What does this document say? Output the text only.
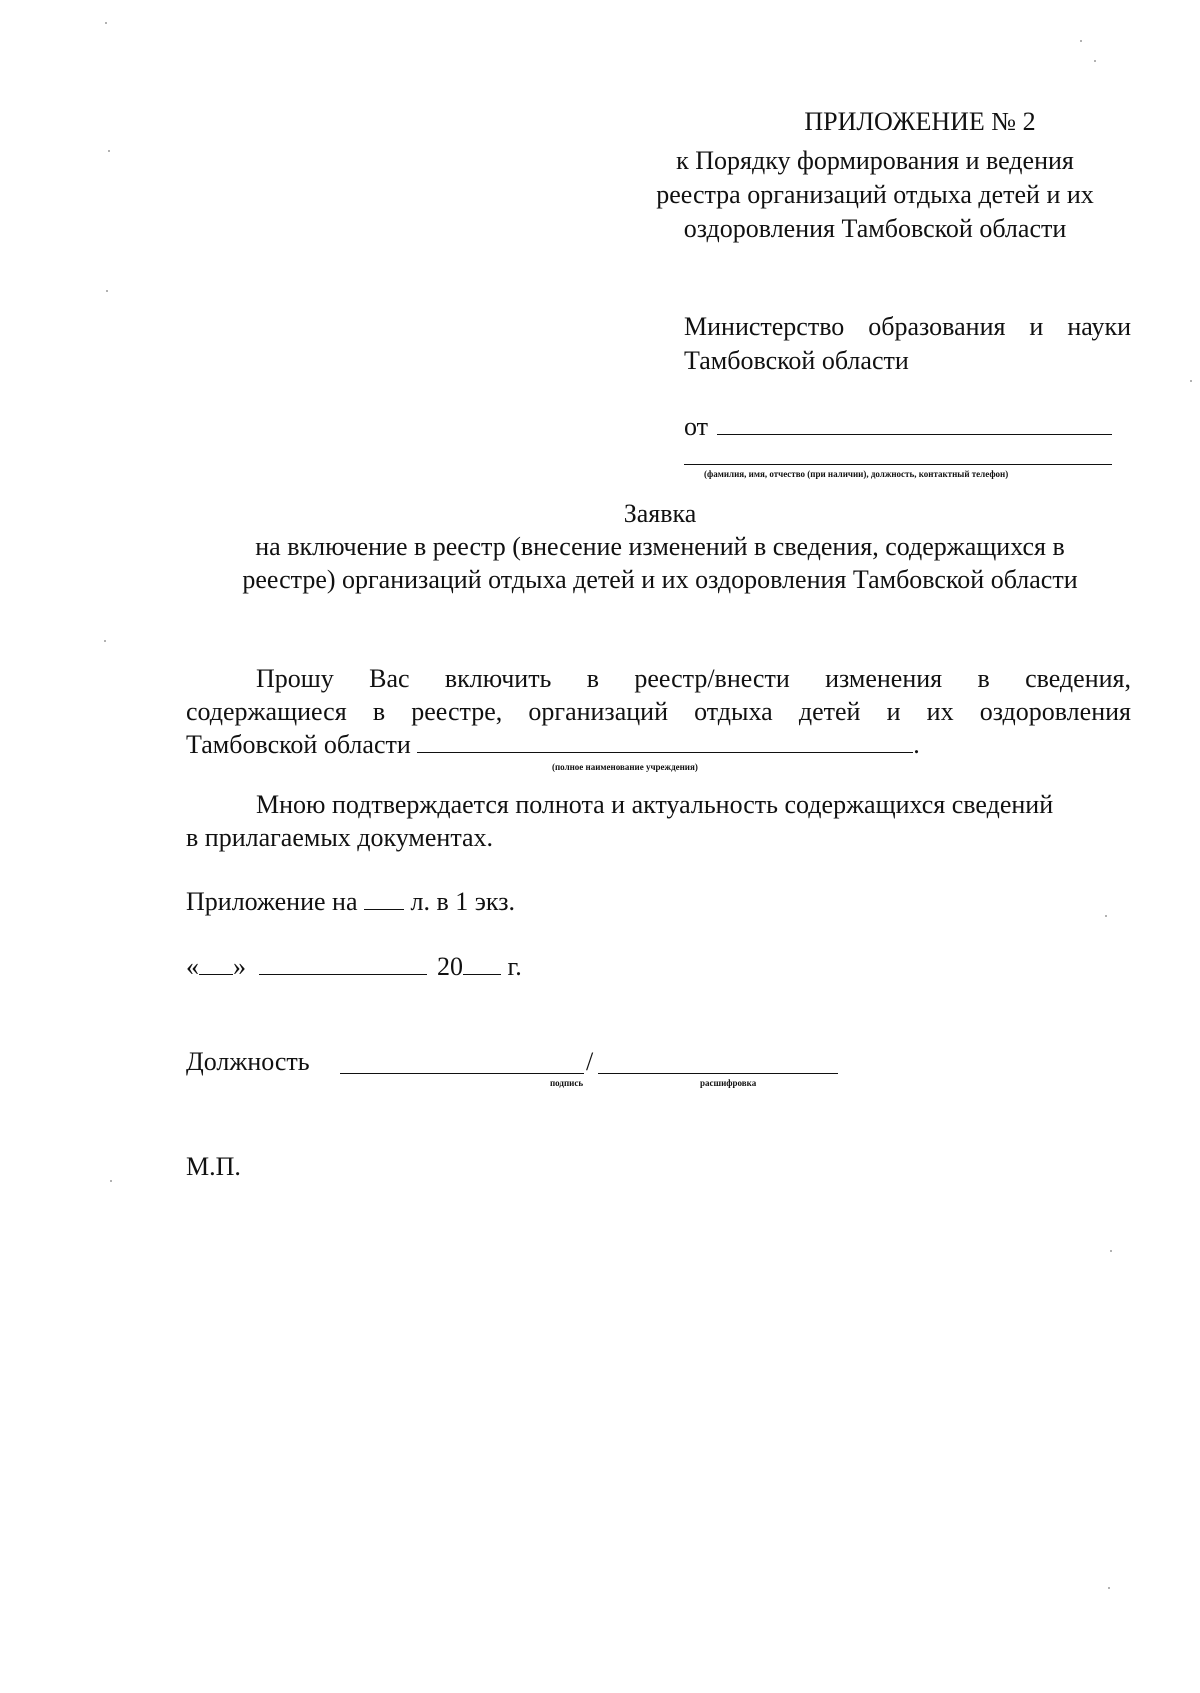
ПРИЛОЖЕНИЕ № 2
к Порядку формирования и ведения
реестра организаций отдыха детей и их
оздоровления Тамбовской области
Министерство образования и науки
Тамбовской области
от
(фамилия, имя, отчество (при наличии), должность, контактный телефон)
Заявка
на включение в реестр (внесение изменений в сведения, содержащихся в
реестре) организаций отдыха детей и их оздоровления Тамбовской области
Прошу Вас включить в реестр/внести изменения в сведения,
содержащиеся в реестре, организаций отдыха детей и их оздоровления
Тамбовской области	.
(полное наименование учреждения)
Мною подтверждается полнота и актуальность содержащихся сведений
в прилагаемых документах.
Приложение на л. в 1 экз.
« »	20 г.
Должность	/
подпись	расшифровка
М.П.
